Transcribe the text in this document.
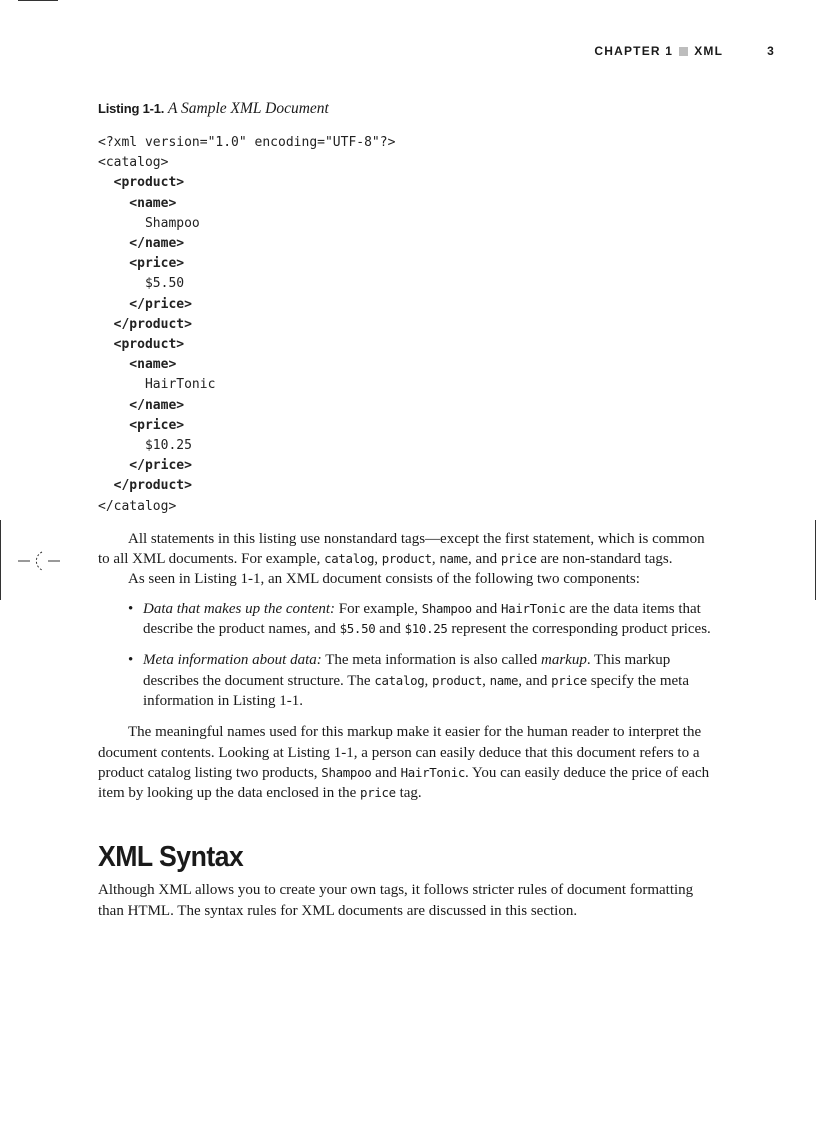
CHAPTER 1 XML	3
Listing 1-1. A Sample XML Document
<?xml version="1.0" encoding="UTF-8"?>
<catalog>
<product>
<name>
Shampoo
</name>
<price>
$5.50
</price>
</product>
<product>
<name>
HairTonic
</name>
<price>
$10.25
</price>
</product>
</catalog>

All statements in this listing use nonstandard tags—except the first statement, which is common to all XML documents. For example, catalog, product, name, and price are non-standard tags.

As seen in Listing 1-1, an XML document consists of the following two components:

• Data that makes up the content: For example, Shampoo and HairTonic are the data items that describe the product names, and $5.50 and $10.25 represent the corresponding product prices.
• Meta information about data: The meta information is also called markup. This markup describes the document structure. The catalog, product, name, and price specify the meta information in Listing 1-1.

The meaningful names used for this markup make it easier for the human reader to interpret the document contents. Looking at Listing 1-1, a person can easily deduce that this document refers to a product catalog listing two products, Shampoo and HairTonic. You can easily deduce the price of each item by looking up the data enclosed in the price tag.

XML Syntax

Although XML allows you to create your own tags, it follows stricter rules of document formatting than HTML. The syntax rules for XML documents are discussed in this section.
